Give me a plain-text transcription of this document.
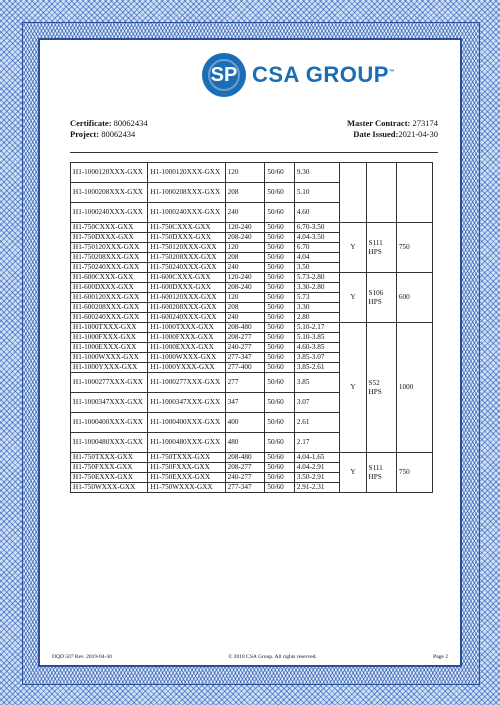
SP CSA GROUP™
Certificate: 80062434
Project: 80062434
Master Contract: 273174
Date Issued:2021-04-30
H1-1000120XXX-GXX	H1-1000120XXX-GXX	120	50/60	9.30			
H1-1000208XXX-GXX	H1-1000208XXX-GXX	208	50/60	5.10			
H1-1000240XXX-GXX	H1-1000240XXX-GXX	240	50/60	4.60			
H1-750CXXX-GXX	H1-750CXXX-GXX	120-240	50/60	6.70-3.50	Y	S111 HPS	750
H1-750DXXX-GXX	H1-750DXXX-GXX	208-240	50/60	4.04-3.50			
H1-750120XXX-GXX	H1-750120XXX-GXX	120	50/60	6.70			
H1-750208XXX-GXX	H1-750208XXX-GXX	208	50/60	4.04			
H1-750240XXX-GXX	H1-750240XXX-GXX	240	50/60	3.50			
H1-600CXXX-GXX	H1-600CXXX-GXX	120-240	50/60	5.73-2.80	Y	S106 HPS	600
H1-600DXXX-GXX	H1-600DXXX-GXX	208-240	50/60	3.30-2.80			
H1-600120XXX-GXX	H1-600120XXX-GXX	120	50/60	5.73			
H1-600208XXX-GXX	H1-600208XXX-GXX	208	50/60	3.30			
H1-600240XXX-GXX	H1-600240XXX-GXX	240	50/60	2.80			
H1-1000TXXX-GXX	H1-1000TXXX-GXX	208-480	50/60	5.10-2.17	Y	S52 HPS	1000
H1-1000FXXX-GXX	H1-1000FXXX-GXX	208-277	50/60	5.10-3.85			
H1-1000EXXX-GXX	H1-1000EXXX-GXX	240-277	50/60	4.60-3.85			
H1-1000WXXX-GXX	H1-1000WXXX-GXX	277-347	50/60	3.85-3.07			
H1-1000YXXX-GXX	H1-1000YXXX-GXX	277-400	50/60	3.85-2.61			
H1-1000277XXX-GXX	H1-1000277XXX-GXX	277	50/60	3.85			
H1-1000347XXX-GXX	H1-1000347XXX-GXX	347	50/60	3.07			
H1-1000400XXX-GXX	H1-1000400XXX-GXX	400	50/60	2.61			
H1-1000480XXX-GXX	H1-1000480XXX-GXX	480	50/60	2.17			
H1-750TXXX-GXX	H1-750TXXX-GXX	208-480	50/60	4.04-1.65	Y	S111 HPS	750
H1-750FXXX-GXX	H1-750FXXX-GXX	208-277	50/60	4.04-2.91			
H1-750EXXX-GXX	H1-750EXXX-GXX	240-277	50/60	3.50-2.91			
H1-750WXXX-GXX	H1-750WXXX-GXX	277-347	50/60	2.91-2.31			
DQD 507 Rev. 2019-04-30	© 2018 CSA Group. All rights reserved.	Page 2
